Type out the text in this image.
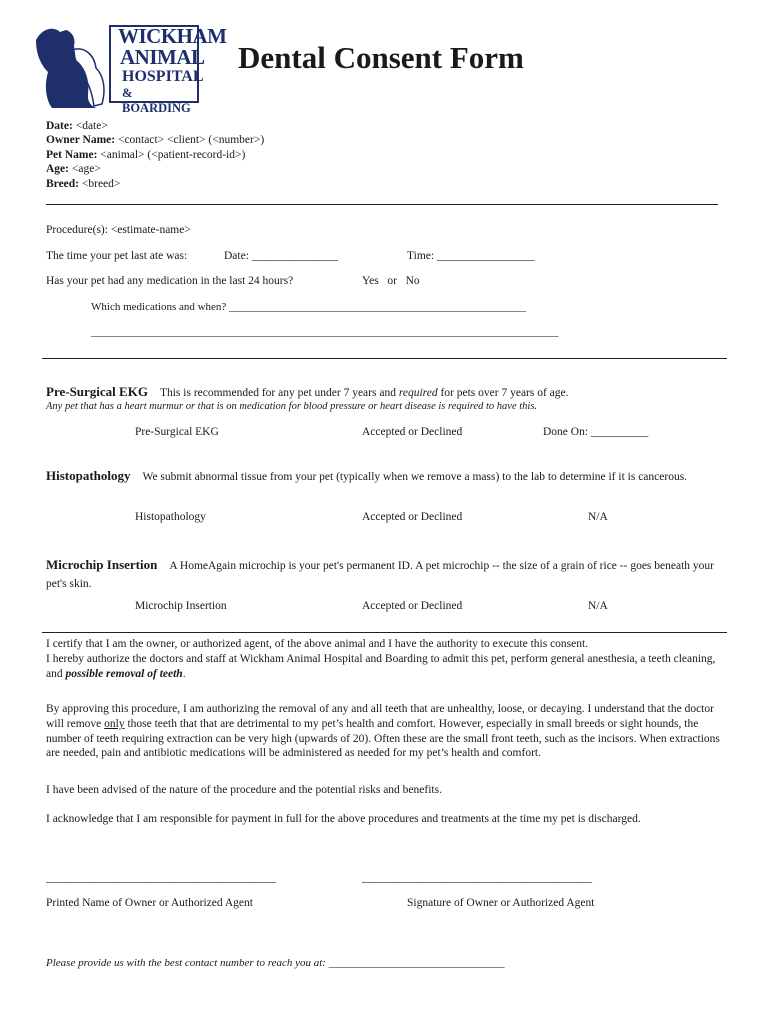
WICKHAM
ANIMAL
HOSPITAL
& BOARDING
Dental Consent Form
Date: <date>
Owner Name: <contact> <client> (<number>)
Pet Name: <animal> (<patient-record-id>)
Age: <age>
Breed: <breed>
Procedure(s): <estimate-name>
The time your pet last ate was:	Date: _______________	Time: _________________
Has your pet had any medication in the last 24 hours?	Yes   or   No
Which medications and when? ______________________________________________________
_____________________________________________________________________________________
Pre-Surgical EKG This is recommended for any pet under 7 years and required for pets over 7 years of age.
Any pet that has a heart murmur or that is on medication for blood pressure or heart disease is required to have this.
Pre-Surgical EKG	Accepted or Declined	Done On: __________
Histopathology We submit abnormal tissue from your pet (typically when we remove a mass) to the lab to determine if it is cancerous.
Histopathology	Accepted or Declined	N/A
Microchip Insertion A HomeAgain microchip is your pet's permanent ID. A pet microchip -- the size of a grain of rice -- goes beneath your pet's skin.
Microchip Insertion	Accepted or Declined	N/A
I certify that I am the owner, or authorized agent, of the above animal and I have the authority to execute this consent.
I hereby authorize the doctors and staff at Wickham Animal Hospital and Boarding to admit this pet, perform general anesthesia, a teeth cleaning, and possible removal of teeth.
By approving this procedure, I am authorizing the removal of any and all teeth that are unhealthy, loose, or decaying. I understand that the doctor will remove only those teeth that that are detrimental to my pet’s health and comfort. However, especially in small breeds or sight hounds, the number of teeth requiring extraction can be very high (upwards of 20). Often these are the small front teeth, such as the incisors. When extractions are needed, pain and antibiotic medications will be administered as needed for my pet’s health and comfort.
I have been advised of the nature of the procedure and the potential risks and benefits.
I acknowledge that I am responsible for payment in full for the above procedures and treatments at the time my pet is discharged.
________________________________________	________________________________________
Printed Name of Owner or Authorized Agent	Signature of Owner or Authorized Agent
Please provide us with the best contact number to reach you at: ________________________________
